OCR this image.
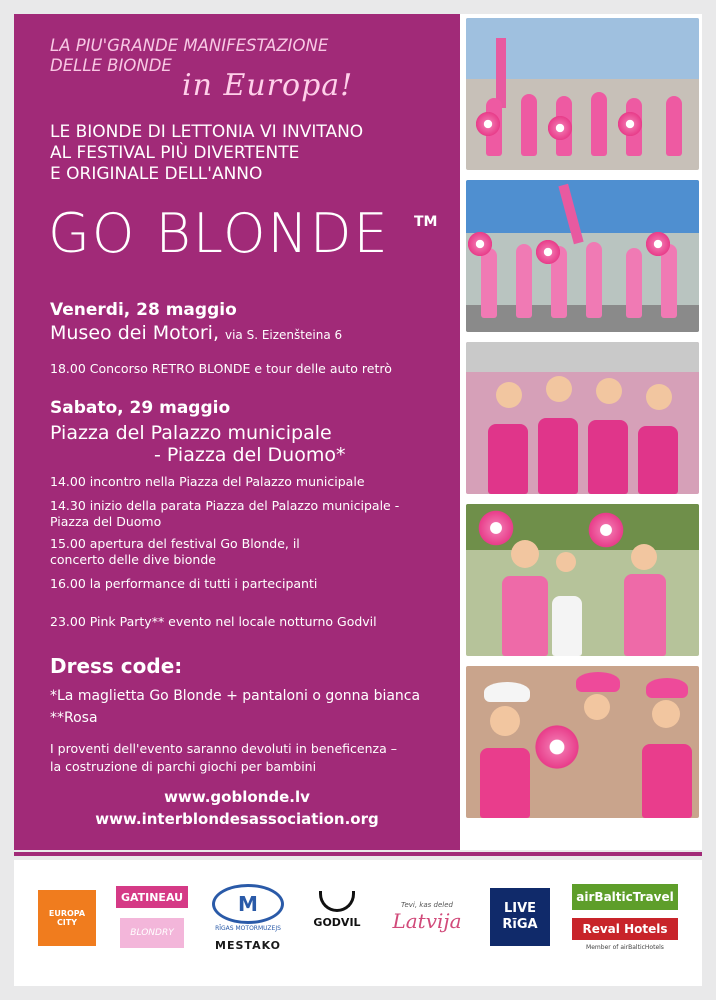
LA PIU'GRANDE MANIFESTAZIONE DELLE BIONDE
in Europa!
LE BIONDE DI LETTONIA VI INVITANO
AL FESTIVAL PIÙ DIVERTENTE
E ORIGINALE DELL'ANNO
GO BLONDE TM
Venerdi, 28 maggio
Museo dei Motori, via S. Eizenšteina 6
18.00 Concorso RETRO BLONDE e tour delle auto retrò
Sabato, 29 maggio
Piazza del Palazzo municipale
- Piazza del Duomo*
14.00 incontro nella Piazza del Palazzo municipale
14.30 inizio della parata Piazza del Palazzo municipale - Piazza del Duomo
15.00 apertura del festival Go Blonde, il concerto delle dive bionde
16.00 la performance di tutti i partecipanti
23.00 Pink Party** evento nel locale notturno Godvil
Dress code:
*La maglietta Go Blonde + pantaloni o gonna bianca
**Rosa
I proventi dell'evento saranno devoluti in beneficenza –
la costruzione di parchi giochi per bambini
www.goblonde.lv
www.interblondesassociation.org
EUROPA CITY
GATINEAU
BLONDRY
M
RĪGAS MOTORMUZEJS
MESTAKO
GODVIL
Tevi, kas deled
Latvija
LIVE
RīGA
airBalticTravel
Reval Hotels
Member of airBalticHotels
